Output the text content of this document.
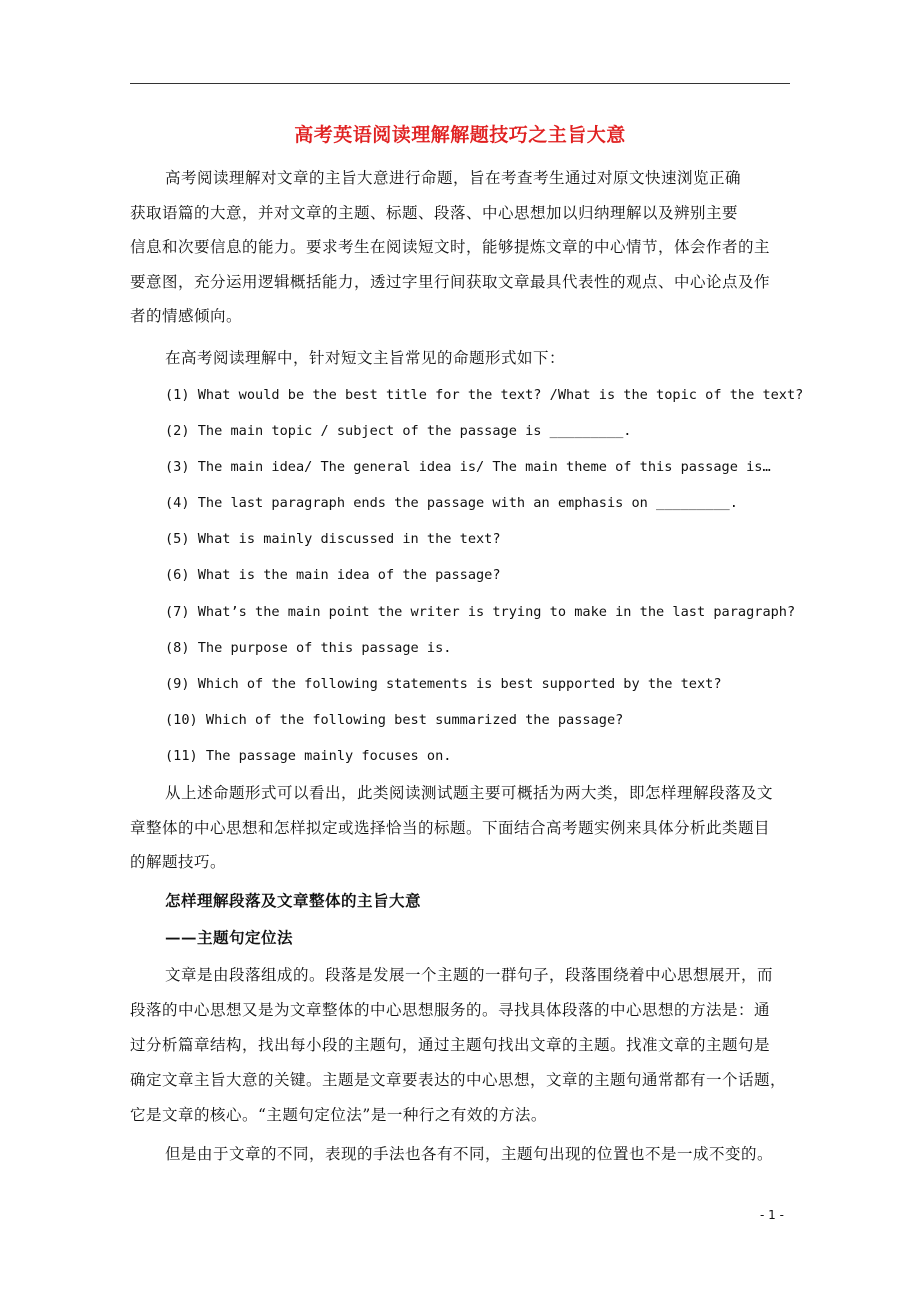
高考英语阅读理解解题技巧之主旨大意
高考阅读理解对文章的主旨大意进行命题，旨在考查考生通过对原文快速浏览正确
获取语篇的大意，并对文章的主题、标题、段落、中心思想加以归纳理解以及辨别主要
信息和次要信息的能力。要求考生在阅读短文时，能够提炼文章的中心情节，体会作者的主
要意图，充分运用逻辑概括能力，透过字里行间获取文章最具代表性的观点、中心论点及作
者的情感倾向。
在高考阅读理解中，针对短文主旨常见的命题形式如下：
(1) What would be the best title for the text? /What is the topic of the text?
(2) The main topic / subject of the passage is _________.
(3) The main idea/ The general idea is/ The main theme of this passage is…
(4) The last paragraph ends the passage with an emphasis on _________.
(5) What is mainly discussed in the text?
(6) What is the main idea of the passage?
(7) What’s the main point the writer is trying to make in the last paragraph?
(8) The purpose of this passage is.
(9) Which of the following statements is best supported by the text?
(10) Which of the following best summarized the passage?
(11) The passage mainly focuses on.
从上述命题形式可以看出，此类阅读测试题主要可概括为两大类，即怎样理解段落及文
章整体的中心思想和怎样拟定或选择恰当的标题。下面结合高考题实例来具体分析此类题目
的解题技巧。
怎样理解段落及文章整体的主旨大意
——主题句定位法
文章是由段落组成的。段落是发展一个主题的一群句子，段落围绕着中心思想展开，而
段落的中心思想又是为文章整体的中心思想服务的。寻找具体段落的中心思想的方法是：通
过分析篇章结构，找出每小段的主题句，通过主题句找出文章的主题。找准文章的主题句是
确定文章主旨大意的关键。主题是文章要表达的中心思想，文章的主题句通常都有一个话题，
它是文章的核心。“主题句定位法”是一种行之有效的方法。
但是由于文章的不同，表现的手法也各有不同，主题句出现的位置也不是一成不变的。
- 1 -
